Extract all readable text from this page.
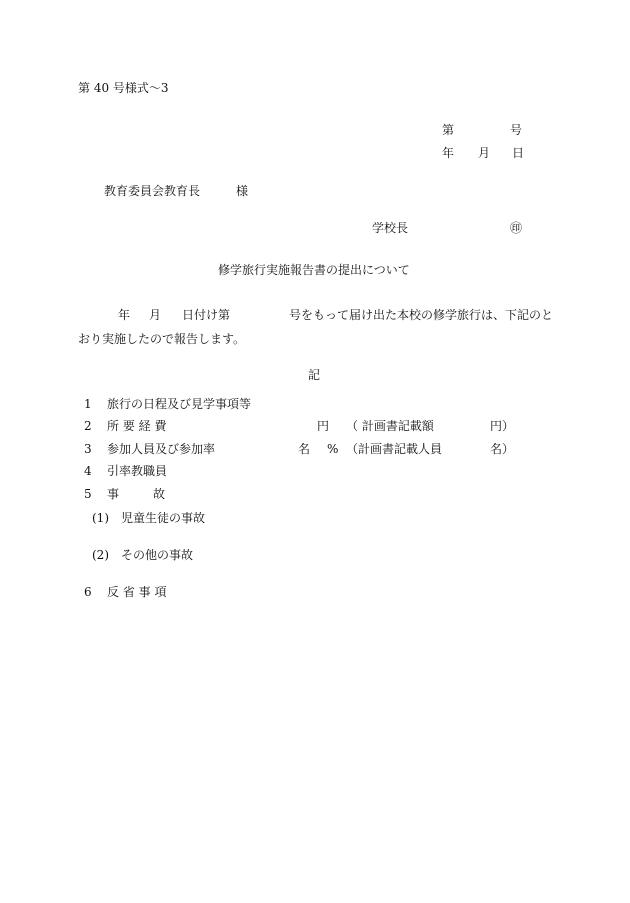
第 40 号様式〜3
第	号
年 月 日
教育委員会教育長	様
学校長	㊞
修学旅行実施報告書の提出について
年 月 日付け第	号をもって届け出た本校の修学旅行は、下記のと
おり実施したので報告します。
記
1 旅行の日程及び見学事項等
2 所 要 経 費	円 （ 計画書記載額	円）
3 参加人員及び参加率	名 % （計画書記載人員	名）
4 引率教職員
5 事	故
(1) 児童生徒の事故
(2) その他の事故
6 反 省 事 項
